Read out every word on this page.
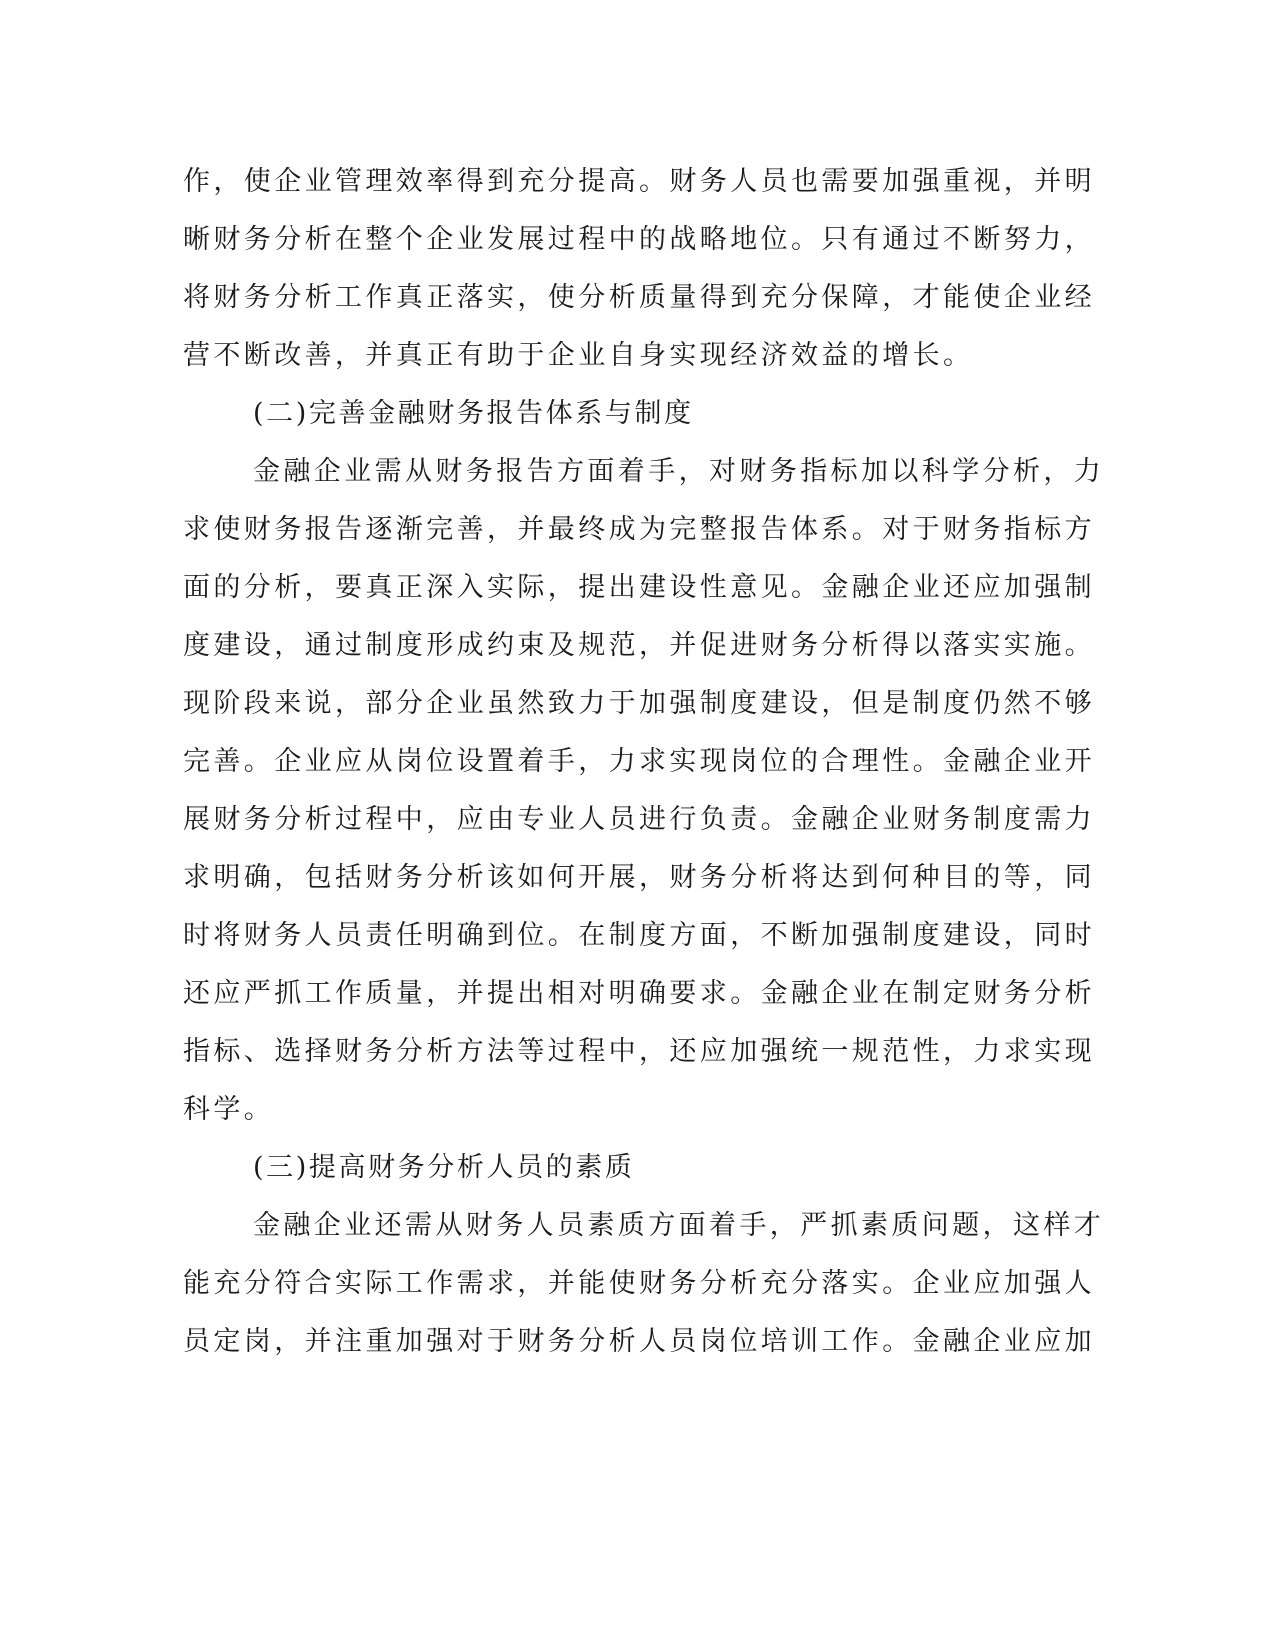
作，使企业管理效率得到充分提高。财务人员也需要加强重视，并明
晰财务分析在整个企业发展过程中的战略地位。只有通过不断努力，
将财务分析工作真正落实，使分析质量得到充分保障，才能使企业经
营不断改善，并真正有助于企业自身实现经济效益的增长。
(二)完善金融财务报告体系与制度
金融企业需从财务报告方面着手，对财务指标加以科学分析，力
求使财务报告逐渐完善，并最终成为完整报告体系。对于财务指标方
面的分析，要真正深入实际，提出建设性意见。金融企业还应加强制
度建设，通过制度形成约束及规范，并促进财务分析得以落实实施。
现阶段来说，部分企业虽然致力于加强制度建设，但是制度仍然不够
完善。企业应从岗位设置着手，力求实现岗位的合理性。金融企业开
展财务分析过程中，应由专业人员进行负责。金融企业财务制度需力
求明确，包括财务分析该如何开展，财务分析将达到何种目的等，同
时将财务人员责任明确到位。在制度方面，不断加强制度建设，同时
还应严抓工作质量，并提出相对明确要求。金融企业在制定财务分析
指标、选择财务分析方法等过程中，还应加强统一规范性，力求实现
科学。
(三)提高财务分析人员的素质
金融企业还需从财务人员素质方面着手，严抓素质问题，这样才
能充分符合实际工作需求，并能使财务分析充分落实。企业应加强人
员定岗，并注重加强对于财务分析人员岗位培训工作。金融企业应加
